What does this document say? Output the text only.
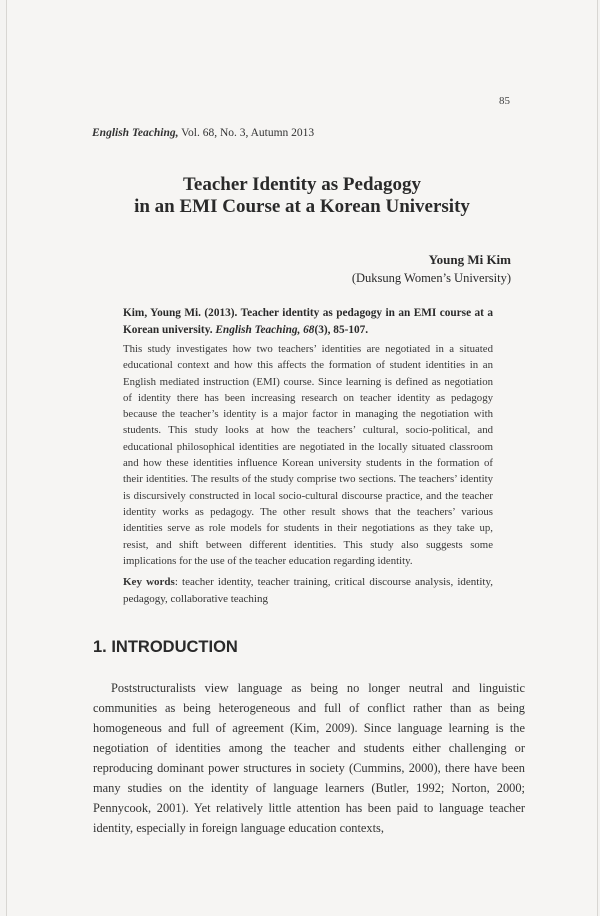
85
English Teaching, Vol. 68, No. 3, Autumn 2013
Teacher Identity as Pedagogy
in an EMI Course at a Korean University
Young Mi Kim
(Duksung Women’s University)
Kim, Young Mi. (2013). Teacher identity as pedagogy in an EMI course at a Korean university. English Teaching, 68(3), 85-107.
This study investigates how two teachers’ identities are negotiated in a situated educational context and how this affects the formation of student identities in an English mediated instruction (EMI) course. Since learning is defined as negotiation of identity there has been increasing research on teacher identity as pedagogy because the teacher’s identity is a major factor in managing the negotiation with students. This study looks at how the teachers’ cultural, socio-political, and educational philosophical identities are negotiated in the locally situated classroom and how these identities influence Korean university students in the formation of their identities. The results of the study comprise two sections. The teachers’ identity is discursively constructed in local socio-cultural discourse practice, and the teacher identity works as pedagogy. The other result shows that the teachers’ various identities serve as role models for students in their negotiations as they take up, resist, and shift between different identities. This study also suggests some implications for the use of the teacher education regarding identity.
Key words: teacher identity, teacher training, critical discourse analysis, identity, pedagogy, collaborative teaching
1. INTRODUCTION
Poststructuralists view language as being no longer neutral and linguistic communities as being heterogeneous and full of conflict rather than as being homogeneous and full of agreement (Kim, 2009). Since language learning is the negotiation of identities among the teacher and students either challenging or reproducing dominant power structures in society (Cummins, 2000), there have been many studies on the identity of language learners (Butler, 1992; Norton, 2000; Pennycook, 2001). Yet relatively little attention has been paid to language teacher identity, especially in foreign language education contexts,
